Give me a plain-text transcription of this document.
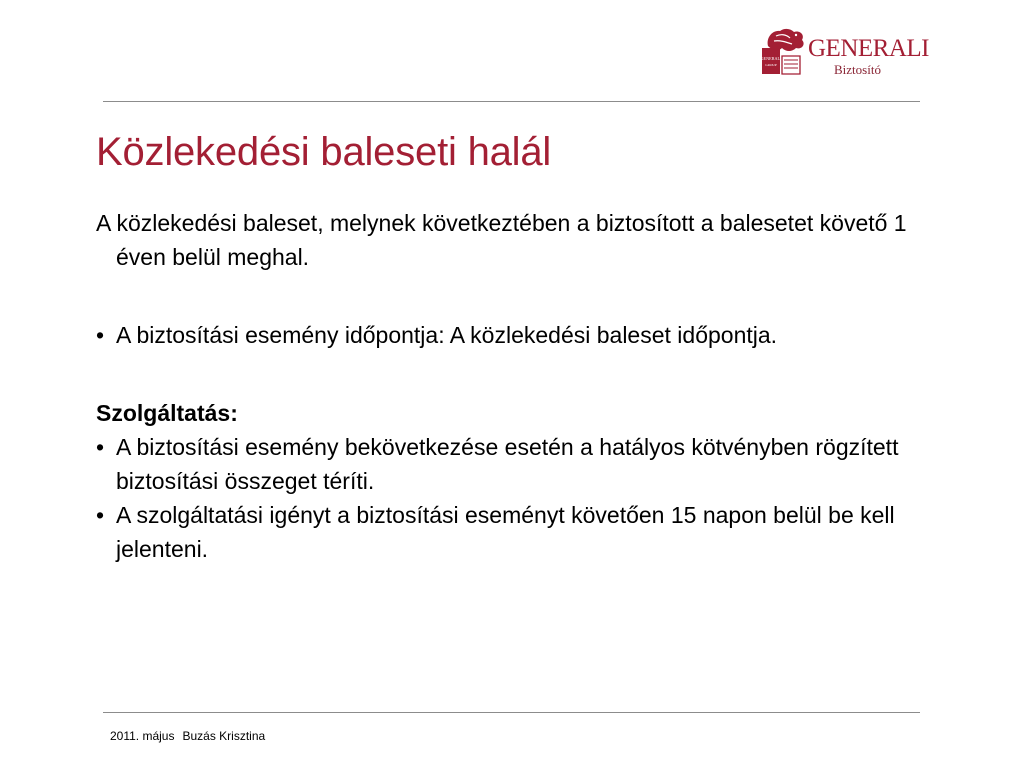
GENERALI
GROUP
GENERALI
Biztosító
Közlekedési baleseti halál

A közlekedési baleset, melynek következtében a biztosított a balesetet követő 1 éven belül meghal.

• A biztosítási esemény időpontja: A közlekedési baleset időpontja.

Szolgáltatás:

• A biztosítási esemény bekövetkezése esetén a hatályos kötvényben rögzített biztosítási összeget téríti.

• A szolgáltatási igényt a biztosítási eseményt követően 15 napon belül be kell jelenteni.

2011. május Buzás Krisztina
